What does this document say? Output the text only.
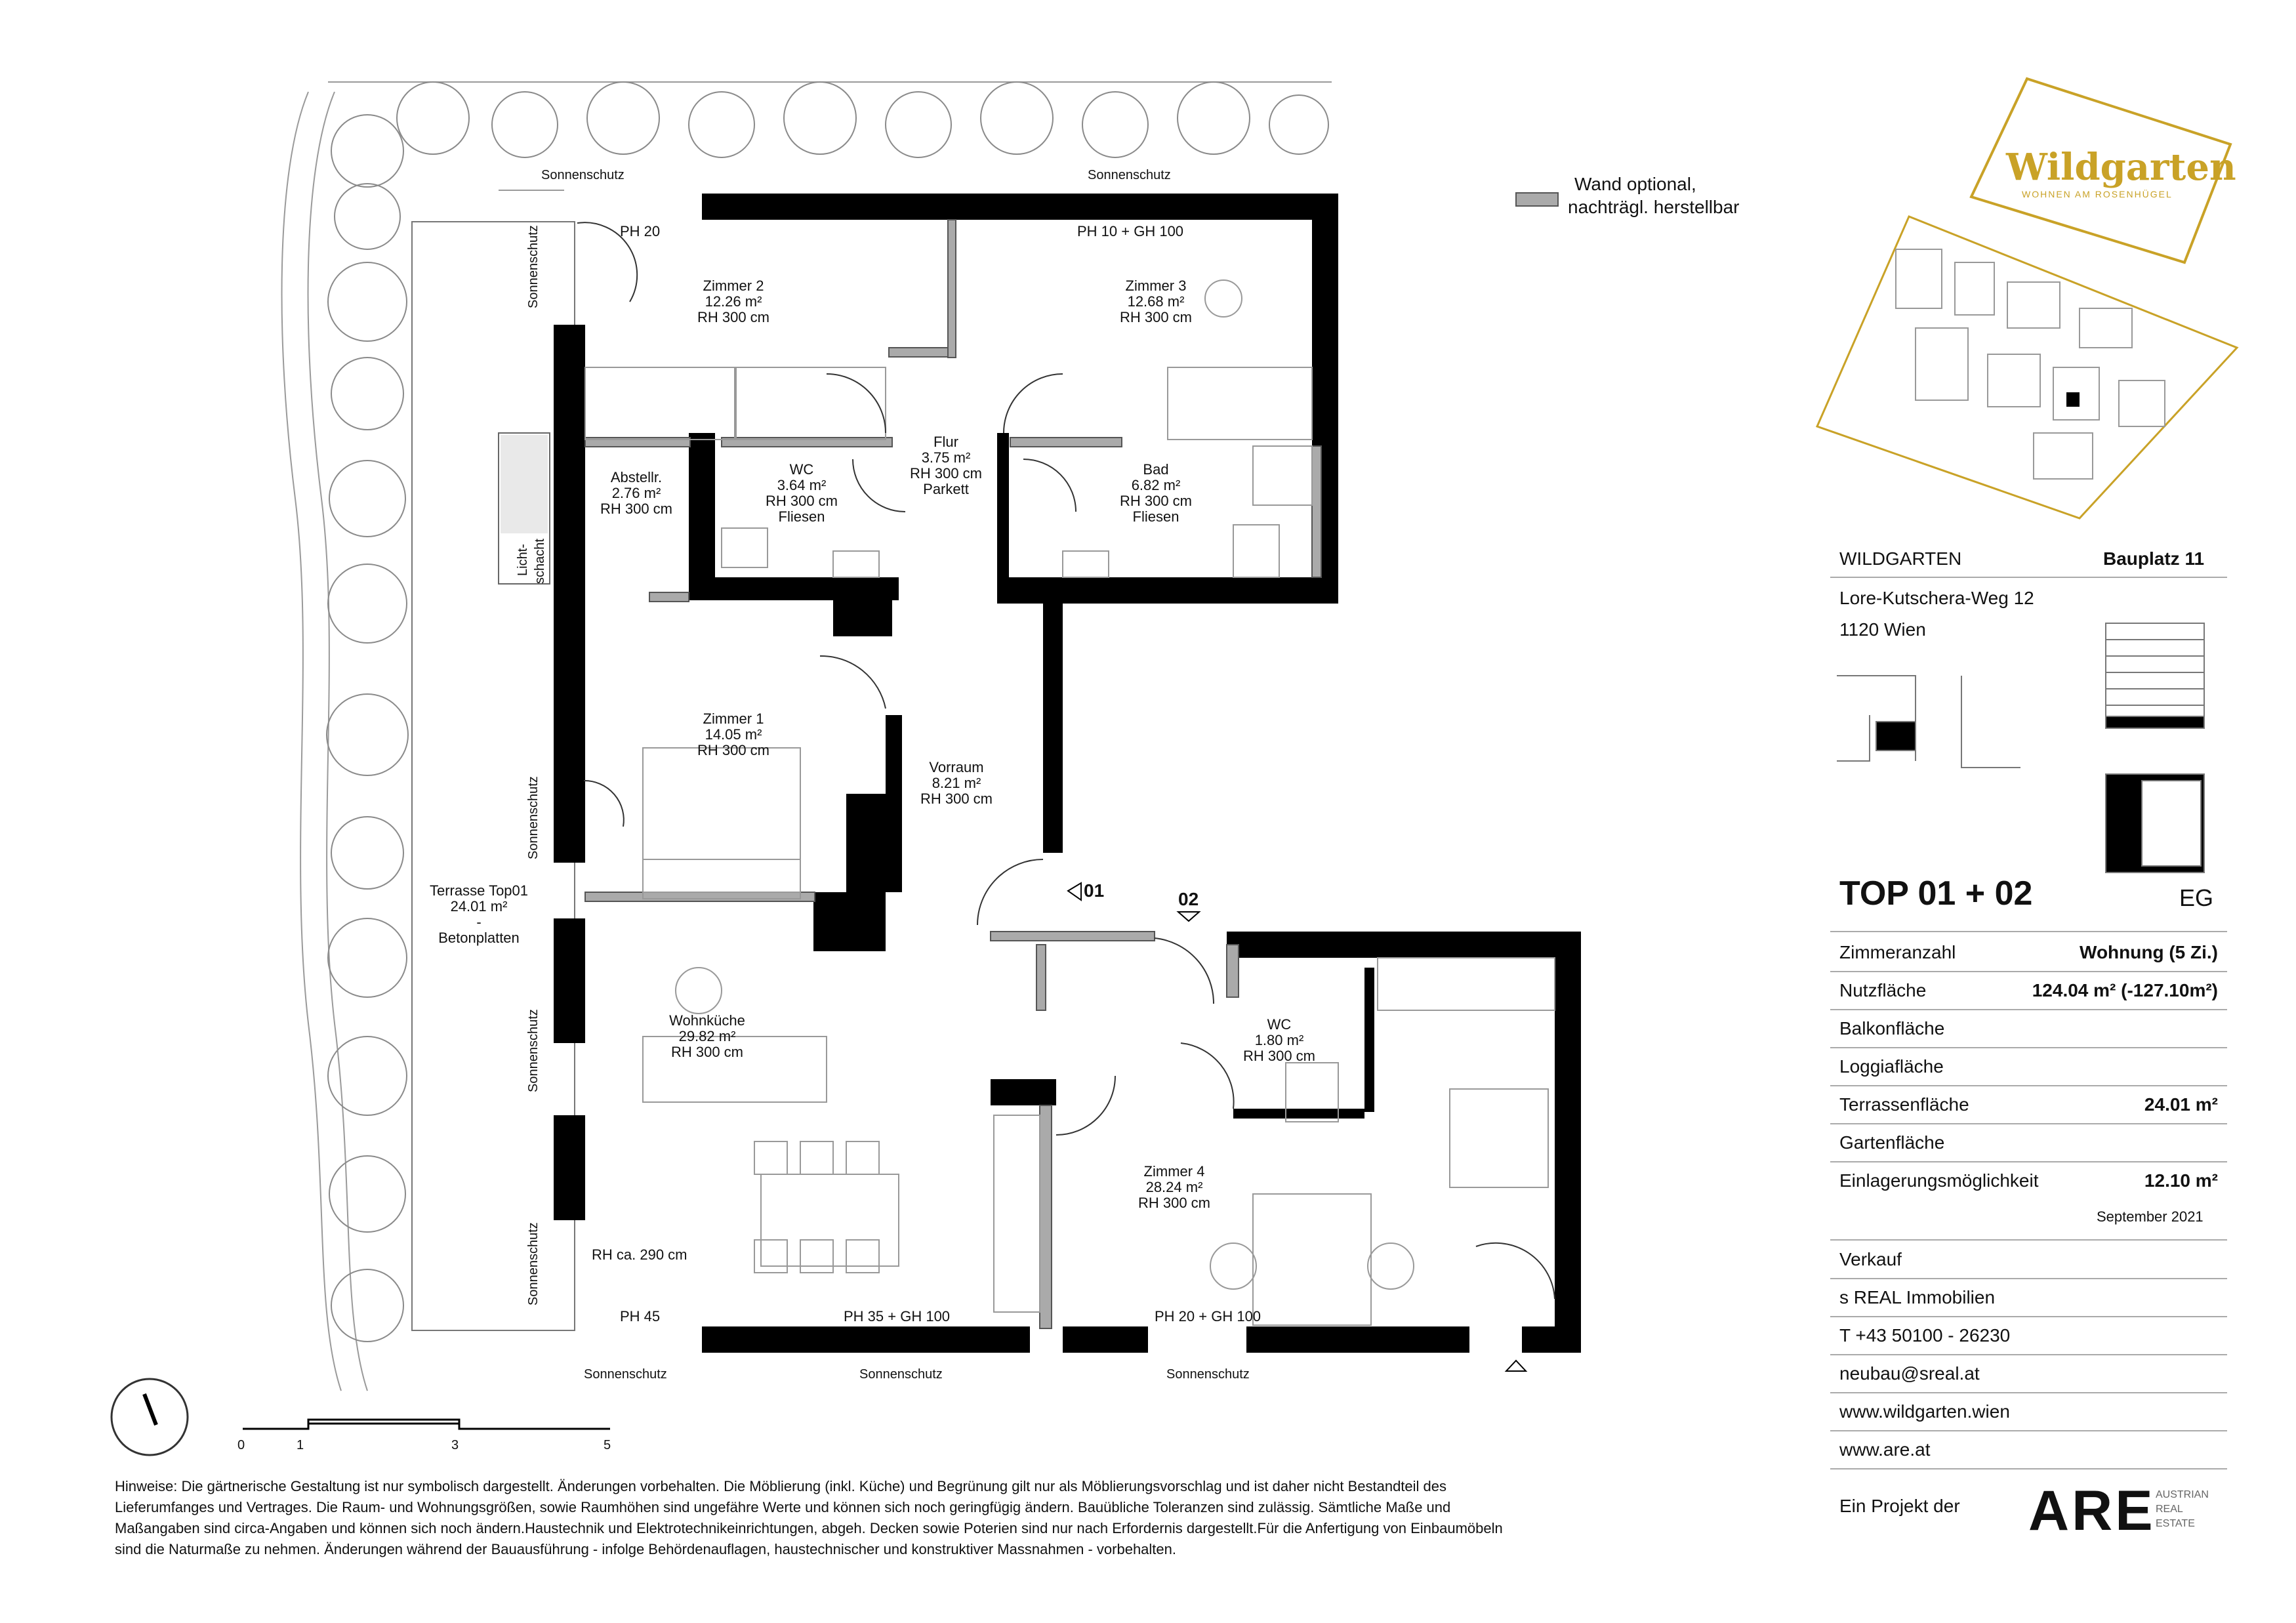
Wildgarten
WOHNEN AM ROSENHÜGEL
Wand optional,
nachträgl. herstellbar
Zimmer 2
12.26 m²
RH 300 cm
Zimmer 3
12.68 m²
RH 300 cm
Flur
3.75 m²
RH 300 cm
Parkett
WC
3.64 m²
RH 300 cm
Fliesen
Bad
6.82 m²
RH 300 cm
Fliesen
Abstellr.
2.76 m²
RH 300 cm
Zimmer 1
14.05 m²
RH 300 cm
Vorraum
8.21 m²
RH 300 cm
Wohnküche
29.82 m²
RH 300 cm
WC
1.80 m²
RH 300 cm
Zimmer 4
28.24 m²
RH 300 cm
Terrasse Top01
24.01 m²
-
Betonplatten
PH 20	PH 10 + GH 100
PH 45	PH 35 + GH 100	PH 20 + GH 100
RH ca. 290 cm
Sonnenschutz	Sonnenschutz
Sonnenschutz	Sonnenschutz	Sonnenschutz
Sonnenschutz
Sonnenschutz
Sonnenschutz
Sonnenschutz
Licht- schacht
01	02
0	1	3	5
WILDGARTEN	Bauplatz 11
Lore-Kutschera-Weg 12
1120 Wien
TOP 01 + 02	EG
Zimmeranzahl	Wohnung (5 Zi.)
Nutzfläche	124.04 m² (-127.10m²)
Balkonfläche
Loggiafläche
Terrassenfläche	24.01 m²
Gartenfläche
Einlagerungsmöglichkeit	12.10 m²
September 2021
Verkauf
s REAL Immobilien
T +43 50100 - 26230
neubau@sreal.at
www.wildgarten.wien
www.are.at
Ein Projekt der ARE AUSTRIAN
REAL
ESTATE
Hinweise: Die gärtnerische Gestaltung ist nur symbolisch dargestellt. Änderungen vorbehalten. Die Möblierung (inkl. Küche) und Begrünung gilt nur als Möblierungsvorschlag und ist daher nicht Bestandteil des Lieferumfanges und Vertrages. Die Raum- und Wohnungsgrößen, sowie Raumhöhen sind ungefähre Werte und können sich noch geringfügig ändern. Bauübliche Toleranzen sind zulässig. Sämtliche Maße und Maßangaben sind circa-Angaben und können sich noch ändern.Haustechnik und Elektrotechnikeinrichtungen, abgeh. Decken sowie Poterien sind nur nach Erfordernis dargestellt.Für die Anfertigung von Einbaumöbeln sind die Naturmaße zu nehmen. Änderungen während der Bauausführung - infolge Behördenauflagen, haustechnischer und konstruktiver Massnahmen - vorbehalten.
